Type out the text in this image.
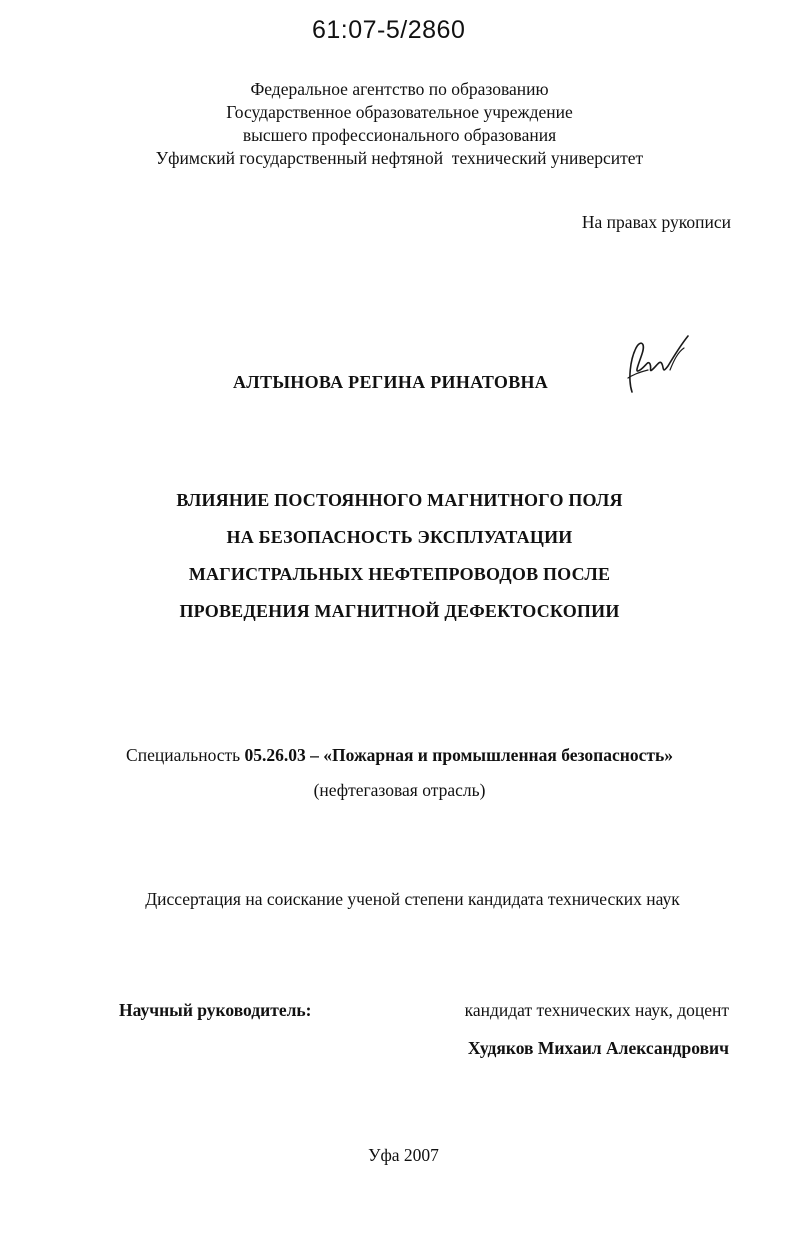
61:07-5/2860
Федеральное агентство по образованию
Государственное образовательное учреждение
высшего профессионального образования
Уфимский государственный нефтяной  технический университет
На правах рукописи
АЛТЫНОВА РЕГИНА РИНАТОВНА
ВЛИЯНИЕ ПОСТОЯННОГО МАГНИТНОГО ПОЛЯ
НА БЕЗОПАСНОСТЬ ЭКСПЛУАТАЦИИ
МАГИСТРАЛЬНЫХ НЕФТЕПРОВОДОВ ПОСЛЕ
ПРОВЕДЕНИЯ МАГНИТНОЙ ДЕФЕКТОСКОПИИ
Специальность 05.26.03 – «Пожарная и промышленная безопасность»
(нефтегазовая отрасль)
Диссертация на соискание ученой степени кандидата технических наук
Научный руководитель:	кандидат технических наук, доцент
Худяков Михаил Александрович
Уфа 2007
